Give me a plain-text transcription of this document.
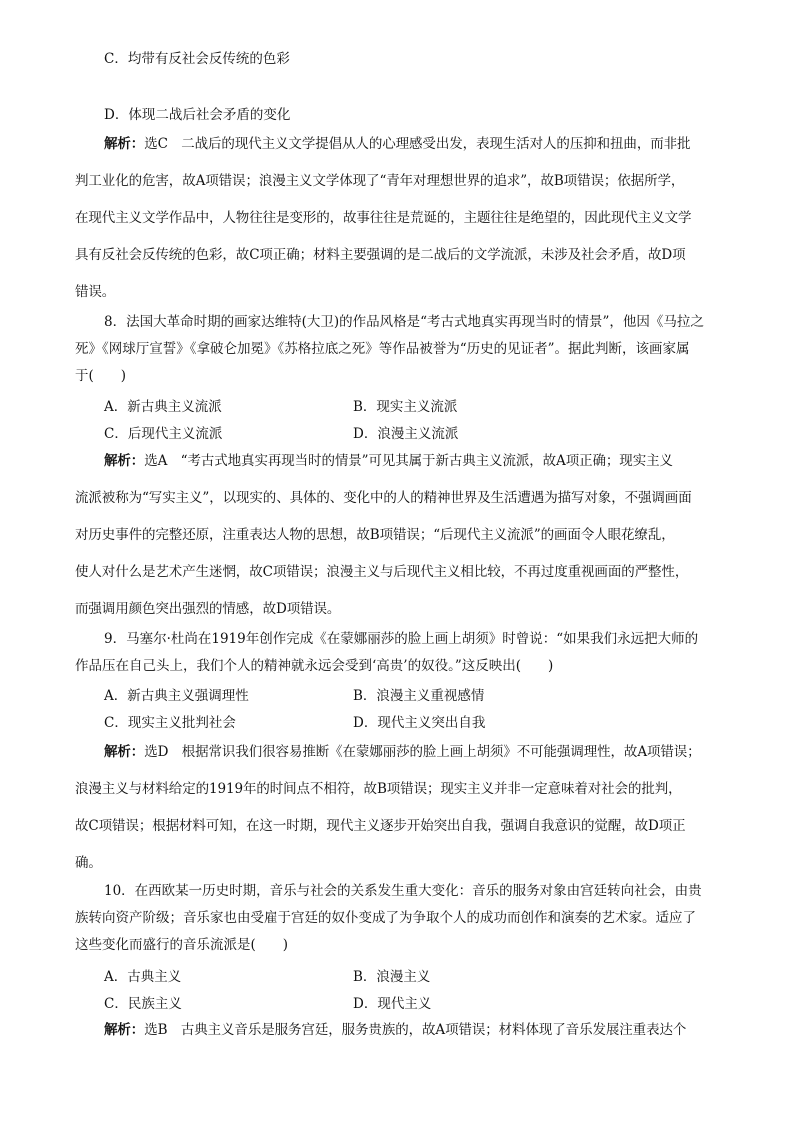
C．均带有反社会反传统的色彩
D．体现二战后社会矛盾的变化
解析：选C　二战后的现代主义文学提倡从人的心理感受出发，表现生活对人的压抑和扭曲，而非批
判工业化的危害，故A项错误；浪漫主义文学体现了“青年对理想世界的追求”，故B项错误；依据所学，
在现代主义文学作品中，人物往往是变形的，故事往往是荒诞的，主题往往是绝望的，因此现代主义文学
具有反社会反传统的色彩，故C项正确；材料主要强调的是二战后的文学流派，未涉及社会矛盾，故D项
错误。
8．法国大革命时期的画家达维特(大卫)的作品风格是“考古式地真实再现当时的情景”，他因《马拉之
死》《网球厅宣誓》《拿破仑加冕》《苏格拉底之死》等作品被誉为“历史的见证者”。据此判断，该画家属
于(　　)
A．新古典主义流派	B．现实主义流派
C．后现代主义流派	D．浪漫主义流派
解析：选A　“考古式地真实再现当时的情景”可见其属于新古典主义流派，故A项正确；现实主义
流派被称为“写实主义”，以现实的、具体的、变化中的人的精神世界及生活遭遇为描写对象，不强调画面
对历史事件的完整还原，注重表达人物的思想，故B项错误；“后现代主义流派”的画面令人眼花缭乱，
使人对什么是艺术产生迷惘，故C项错误；浪漫主义与后现代主义相比较，不再过度重视画面的严整性，
而强调用颜色突出强烈的情感，故D项错误。
9．马塞尔·杜尚在1919年创作完成《在蒙娜丽莎的脸上画上胡须》时曾说：“如果我们永远把大师的
作品压在自己头上，我们个人的精神就永远会受到‘高贵’的奴役。”这反映出(　　)
A．新古典主义强调理性	B．浪漫主义重视感情
C．现实主义批判社会	D．现代主义突出自我
解析：选D　根据常识我们很容易推断《在蒙娜丽莎的脸上画上胡须》不可能强调理性，故A项错误；
浪漫主义与材料给定的1919年的时间点不相符，故B项错误；现实主义并非一定意味着对社会的批判，
故C项错误；根据材料可知，在这一时期，现代主义逐步开始突出自我，强调自我意识的觉醒，故D项正
确。
10．在西欧某一历史时期，音乐与社会的关系发生重大变化：音乐的服务对象由宫廷转向社会，由贵
族转向资产阶级；音乐家也由受雇于宫廷的奴仆变成了为争取个人的成功而创作和演奏的艺术家。适应了
这些变化而盛行的音乐流派是(　　)
A．古典主义	B．浪漫主义
C．民族主义	D．现代主义
解析：选B　古典主义音乐是服务宫廷，服务贵族的，故A项错误；材料体现了音乐发展注重表达个
